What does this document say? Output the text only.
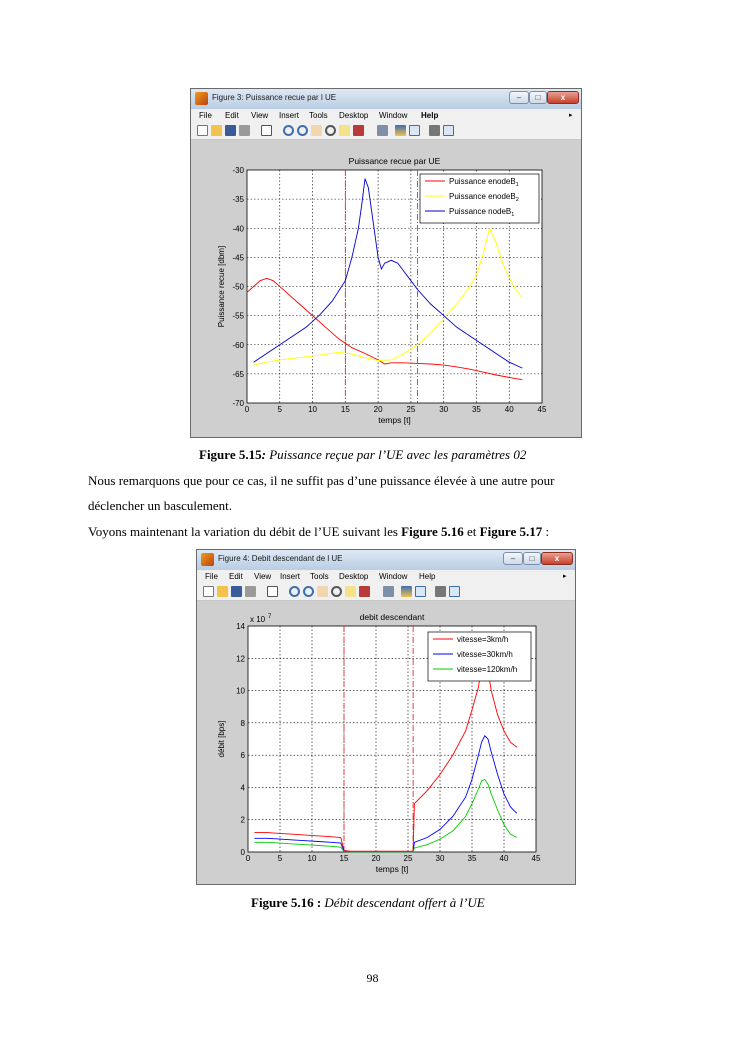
Figure 3: Puissance recue par l UE	–	□	x
File Edit View Insert Tools Desktop Window Help	▸
0	5	10	15	20	25	30	35	40	45
-70
-65
-60
-55
-50
-45
-40
-35
-30
Puissance recue par UE
temps [t]
Puissance recue [dbm]
Puissance enodeB$_1$
Puissance enodeB$_2$
Puissance nodeB$_1$
Figure 5.15: Puissance reçue par l’UE avec les paramètres 02
Nous remarquons que pour ce cas, il ne suffit pas d’une puissance élevée à une autre pour
déclencher un basculement.
Voyons maintenant la variation du débit de l’UE suivant les Figure 5.16 et Figure 5.17 :
Figure 4: Debit descendant de l UE	–	□	x
File Edit View Insert Tools Desktop Window Help	▸
0	5	10	15	20	25	30	35	40	45
0
2
4
6
8
10
12
14
debit descendant
temps [t]
débit [bps]
x 10 7
vitesse=3km/h
vitesse=30km/h
vitesse=120km/h
Figure 5.16 : Débit descendant offert à l’UE
98
